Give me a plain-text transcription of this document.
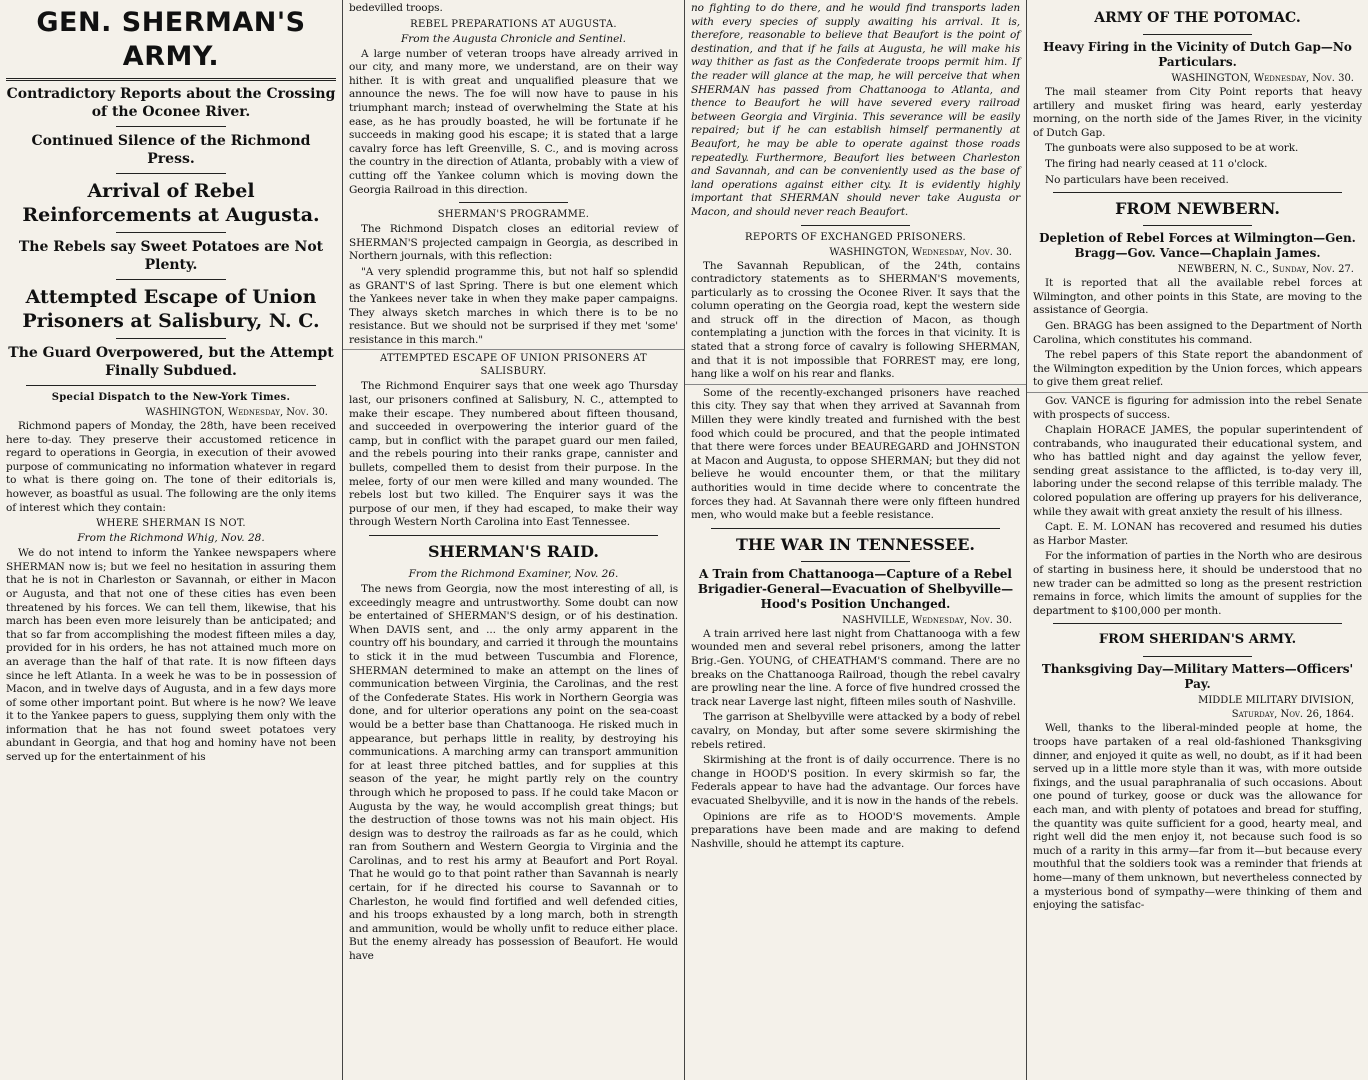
GEN. SHERMAN'S ARMY.
Contradictory Reports about the Crossing of the Oconee River.
Continued Silence of the Richmond Press.
Arrival of Rebel Reinforcements at Augusta.
The Rebels say Sweet Potatoes are Not Plenty.
Attempted Escape of Union Prisoners at Salisbury, N. C.
The Guard Overpowered, but the Attempt Finally Subdued.
Special Dispatch to the New-York Times.
WASHINGTON, Wednesday, Nov. 30.

Richmond papers of Monday, the 28th, have been received here to-day. They preserve their accustomed reticence in regard to operations in Georgia, in execution of their avowed purpose of communicating no information whatever in regard to what is there going on. The tone of their editorials is, however, as boastful as usual. The following are the only items of interest which they contain:

WHERE SHERMAN IS NOT.
From the Richmond Whig, Nov. 28.

We do not intend to inform the Yankee newspapers where SHERMAN now is; but we feel no hesitation in assuring them that he is not in Charleston or Savannah, or either in Macon or Augusta, and that not one of these cities has even been threatened by his forces. We can tell them, likewise, that his march has been even more leisurely than be anticipated; and that so far from accomplishing the modest fifteen miles a day, provided for in his orders, he has not attained much more on an average than the half of that rate. It is now fifteen days since he left Atlanta. In a week he was to be in possession of Macon, and in twelve days of Augusta, and in a few days more of some other important point. But where is he now? We leave it to the Yankee papers to guess, supplying them only with the information that he has not found sweet potatoes very abundant in Georgia, and that hog and hominy have not been served up for the entertainment of his

bedevilled troops.

REBEL PREPARATIONS AT AUGUSTA.
From the Augusta Chronicle and Sentinel.

A large number of veteran troops have already arrived in our city, and many more, we understand, are on their way hither. It is with great and unqualified pleasure that we announce the news. The foe will now have to pause in his triumphant march; instead of overwhelming the State at his ease, as he has proudly boasted, he will be fortunate if he succeeds in making good his escape; it is stated that a large cavalry force has left Greenville, S. C., and is moving across the country in the direction of Atlanta, probably with a view of cutting off the Yankee column which is moving down the Georgia Railroad in this direction.

SHERMAN'S PROGRAMME.

The Richmond Dispatch closes an editorial review of SHERMAN'S projected campaign in Georgia, as described in Northern journals, with this reflection:

"A very splendid programme this, but not half so splendid as GRANT'S of last Spring. There is but one element which the Yankees never take in when they make paper campaigns. They always sketch marches in which there is to be no resistance. But we should not be surprised if they met 'some' resistance in this march."

ATTEMPTED ESCAPE OF UNION PRISONERS AT SALISBURY.

The Richmond Enquirer says that one week ago Thursday last, our prisoners confined at Salisbury, N. C., attempted to make their escape. They numbered about fifteen thousand, and succeeded in overpowering the interior guard of the camp, but in conflict with the parapet guard our men failed, and the rebels pouring into their ranks grape, cannister and bullets, compelled them to desist from their purpose. In the melee, forty of our men were killed and many wounded. The rebels lost but two killed. The Enquirer says it was the purpose of our men, if they had escaped, to make their way through Western North Carolina into East Tennessee.

SHERMAN'S RAID.
From the Richmond Examiner, Nov. 26.

The news from Georgia, now the most interesting of all, is exceedingly meagre and untrustworthy. Some doubt can now be entertained of SHERMAN'S design, or of his destination. When DAVIS sent, and ... the only army apparent in the country off his boundary, and carried it through the mountains to stick it in the mud between Tuscumbia and Florence, SHERMAN determined to make an attempt on the lines of communication between Virginia, the Carolinas, and the rest of the Confederate States. His work in Northern Georgia was done, and for ulterior operations any point on the sea-coast would be a better base than Chattanooga. He risked much in appearance, but perhaps little in reality, by destroying his communications. A marching army can transport ammunition for at least three pitched battles, and for supplies at this season of the year, he might partly rely on the country through which he proposed to pass. If he could take Macon or Augusta by the way, he would accomplish great things; but the destruction of those towns was not his main object. His design was to destroy the railroads as far as he could, which ran from Southern and Western Georgia to Virginia and the Carolinas, and to rest his army at Beaufort and Port Royal. That he would go to that point rather than Savannah is nearly certain, for if he directed his course to Savannah or to Charleston, he would find fortified and well defended cities, and his troops exhausted by a long march, both in strength and ammunition, would be wholly unfit to reduce either place. But the enemy already has possession of Beaufort. He would have

no fighting to do there, and he would find transports laden with every species of supply awaiting his arrival. It is, therefore, reasonable to believe that Beaufort is the point of destination, and that if he fails at Augusta, he will make his way thither as fast as the Confederate troops permit him. If the reader will glance at the map, he will perceive that when SHERMAN has passed from Chattanooga to Atlanta, and thence to Beaufort he will have severed every railroad between Georgia and Virginia. This severance will be easily repaired; but if he can establish himself permanently at Beaufort, he may be able to operate against those roads repeatedly. Furthermore, Beaufort lies between Charleston and Savannah, and can be conveniently used as the base of land operations against either city. It is evidently highly important that SHERMAN should never take Augusta or Macon, and should never reach Beaufort.

REPORTS OF EXCHANGED PRISONERS.
WASHINGTON, Wednesday, Nov. 30.

The Savannah Republican, of the 24th, contains contradictory statements as to SHERMAN'S movements, particularly as to crossing the Oconee River. It says that the column operating on the Georgia road, kept the western side and struck off in the direction of Macon, as though contemplating a junction with the forces in that vicinity. It is stated that a strong force of cavalry is following SHERMAN, and that it is not impossible that FORREST may, ere long, hang like a wolf on his rear and flanks.

Some of the recently-exchanged prisoners have reached this city. They say that when they arrived at Savannah from Millen they were kindly treated and furnished with the best food which could be procured, and that the people intimated that there were forces under BEAUREGARD and JOHNSTON at Macon and Augusta, to oppose SHERMAN; but they did not believe he would encounter them, or that the military authorities would in time decide where to concentrate the forces they had. At Savannah there were only fifteen hundred men, who would make but a feeble resistance.

THE WAR IN TENNESSEE.
A Train from Chattanooga—Capture of a Rebel Brigadier-General—Evacuation of Shelbyville—Hood's Position Unchanged.
NASHVILLE, Wednesday, Nov. 30.

A train arrived here last night from Chattanooga with a few wounded men and several rebel prisoners, among the latter Brig.-Gen. YOUNG, of CHEATHAM'S command. There are no breaks on the Chattanooga Railroad, though the rebel cavalry are prowling near the line. A force of five hundred crossed the track near Laverge last night, fifteen miles south of Nashville.

The garrison at Shelbyville were attacked by a body of rebel cavalry, on Monday, but after some severe skirmishing the rebels retired.

Skirmishing at the front is of daily occurrence. There is no change in HOOD'S position. In every skirmish so far, the Federals appear to have had the advantage. Our forces have evacuated Shelbyville, and it is now in the hands of the rebels.

Opinions are rife as to HOOD'S movements. Ample preparations have been made and are making to defend Nashville, should he attempt its capture.

ARMY OF THE POTOMAC.
Heavy Firing in the Vicinity of Dutch Gap—No Particulars.
WASHINGTON, Wednesday, Nov. 30.

The mail steamer from City Point reports that heavy artillery and musket firing was heard, early yesterday morning, on the north side of the James River, in the vicinity of Dutch Gap.

The gunboats were also supposed to be at work.

The firing had nearly ceased at 11 o'clock.

No particulars have been received.

FROM NEWBERN.
Depletion of Rebel Forces at Wilmington—Gen. Bragg—Gov. Vance—Chaplain James.
NEWBERN, N. C., Sunday, Nov. 27.

It is reported that all the available rebel forces at Wilmington, and other points in this State, are moving to the assistance of Georgia.

Gen. BRAGG has been assigned to the Department of North Carolina, which constitutes his command.

The rebel papers of this State report the abandonment of the Wilmington expedition by the Union forces, which appears to give them great relief.

Gov. VANCE is figuring for admission into the rebel Senate with prospects of success.

Chaplain HORACE JAMES, the popular superintendent of contrabands, who inaugurated their educational system, and who has battled night and day against the yellow fever, sending great assistance to the afflicted, is to-day very ill, laboring under the second relapse of this terrible malady. The colored population are offering up prayers for his deliverance, while they await with great anxiety the result of his illness.

Capt. E. M. LONAN has recovered and resumed his duties as Harbor Master.

For the information of parties in the North who are desirous of starting in business here, it should be understood that no new trader can be admitted so long as the present restriction remains in force, which limits the amount of supplies for the department to $100,000 per month.

FROM SHERIDAN'S ARMY.
Thanksgiving Day—Military Matters—Officers' Pay.
MIDDLE MILITARY DIVISION,
Saturday, Nov. 26, 1864.

Well, thanks to the liberal-minded people at home, the troops have partaken of a real old-fashioned Thanksgiving dinner, and enjoyed it quite as well, no doubt, as if it had been served up in a little more style than it was, with more outside fixings, and the usual paraphranalia of such occasions. About one pound of turkey, goose or duck was the allowance for each man, and with plenty of potatoes and bread for stuffing, the quantity was quite sufficient for a good, hearty meal, and right well did the men enjoy it, not because such food is so much of a rarity in this army—far from it—but because every mouthful that the soldiers took was a reminder that friends at home—many of them unknown, but nevertheless connected by a mysterious bond of sympathy—were thinking of them and enjoying the satisfac-
